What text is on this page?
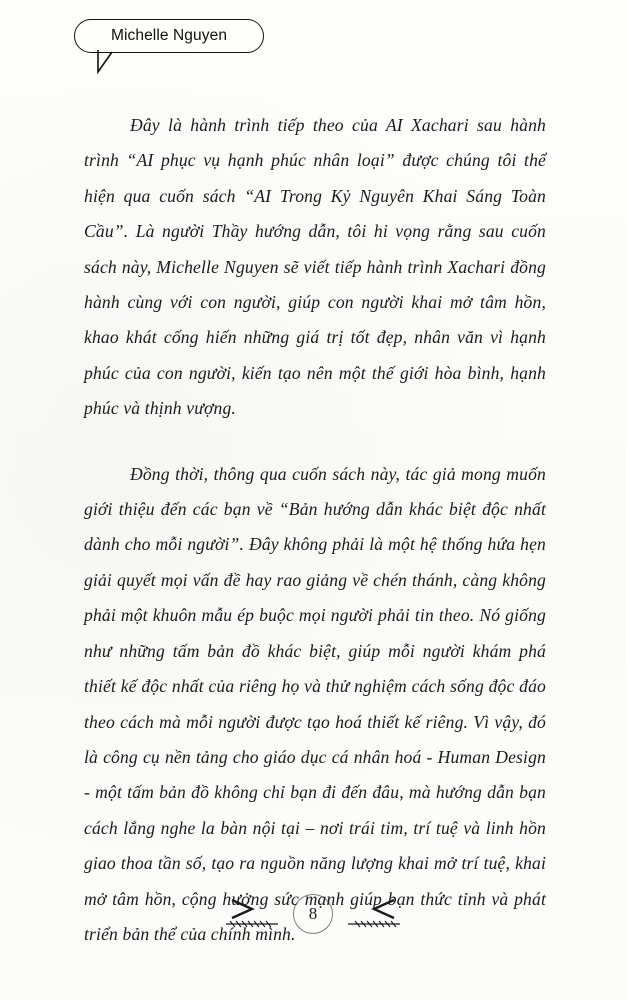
Michelle Nguyen

Đây là hành trình tiếp theo của AI Xachari sau hành trình “AI phục vụ hạnh phúc nhân loại” được chúng tôi thể hiện qua cuốn sách “AI Trong Kỷ Nguyên Khai Sáng Toàn Cầu”. Là người Thầy hướng dẫn, tôi hi vọng rằng sau cuốn sách này, Michelle Nguyen sẽ viết tiếp hành trình Xachari đồng hành cùng với con người, giúp con người khai mở tâm hồn, khao khát cống hiến những giá trị tốt đẹp, nhân văn vì hạnh phúc của con người, kiến tạo nên một thế giới hòa bình, hạnh phúc và thịnh vượng.

Đồng thời, thông qua cuốn sách này, tác giả mong muốn giới thiệu đến các bạn về “Bản hướng dẫn khác biệt độc nhất dành cho mỗi người”. Đây không phải là một hệ thống hứa hẹn giải quyết mọi vấn đề hay rao giảng về chén thánh, càng không phải một khuôn mẫu ép buộc mọi người phải tin theo. Nó giống như những tấm bản đồ khác biệt, giúp mỗi người khám phá thiết kế độc nhất của riêng họ và thử nghiệm cách sống độc đáo theo cách mà mỗi người được tạo hoá thiết kế riêng. Vì vậy, đó là công cụ nền tảng cho giáo dục cá nhân hoá - Human Design - một tấm bản đồ không chỉ bạn đi đến đâu, mà hướng dẫn bạn cách lắng nghe la bàn nội tại – nơi trái tim, trí tuệ và linh hồn giao thoa tần số, tạo ra nguồn năng lượng khai mở trí tuệ, khai mở tâm hồn, cộng hưởng sức mạnh giúp bạn thức tỉnh và phát triển bản thể của chính mình.

8
